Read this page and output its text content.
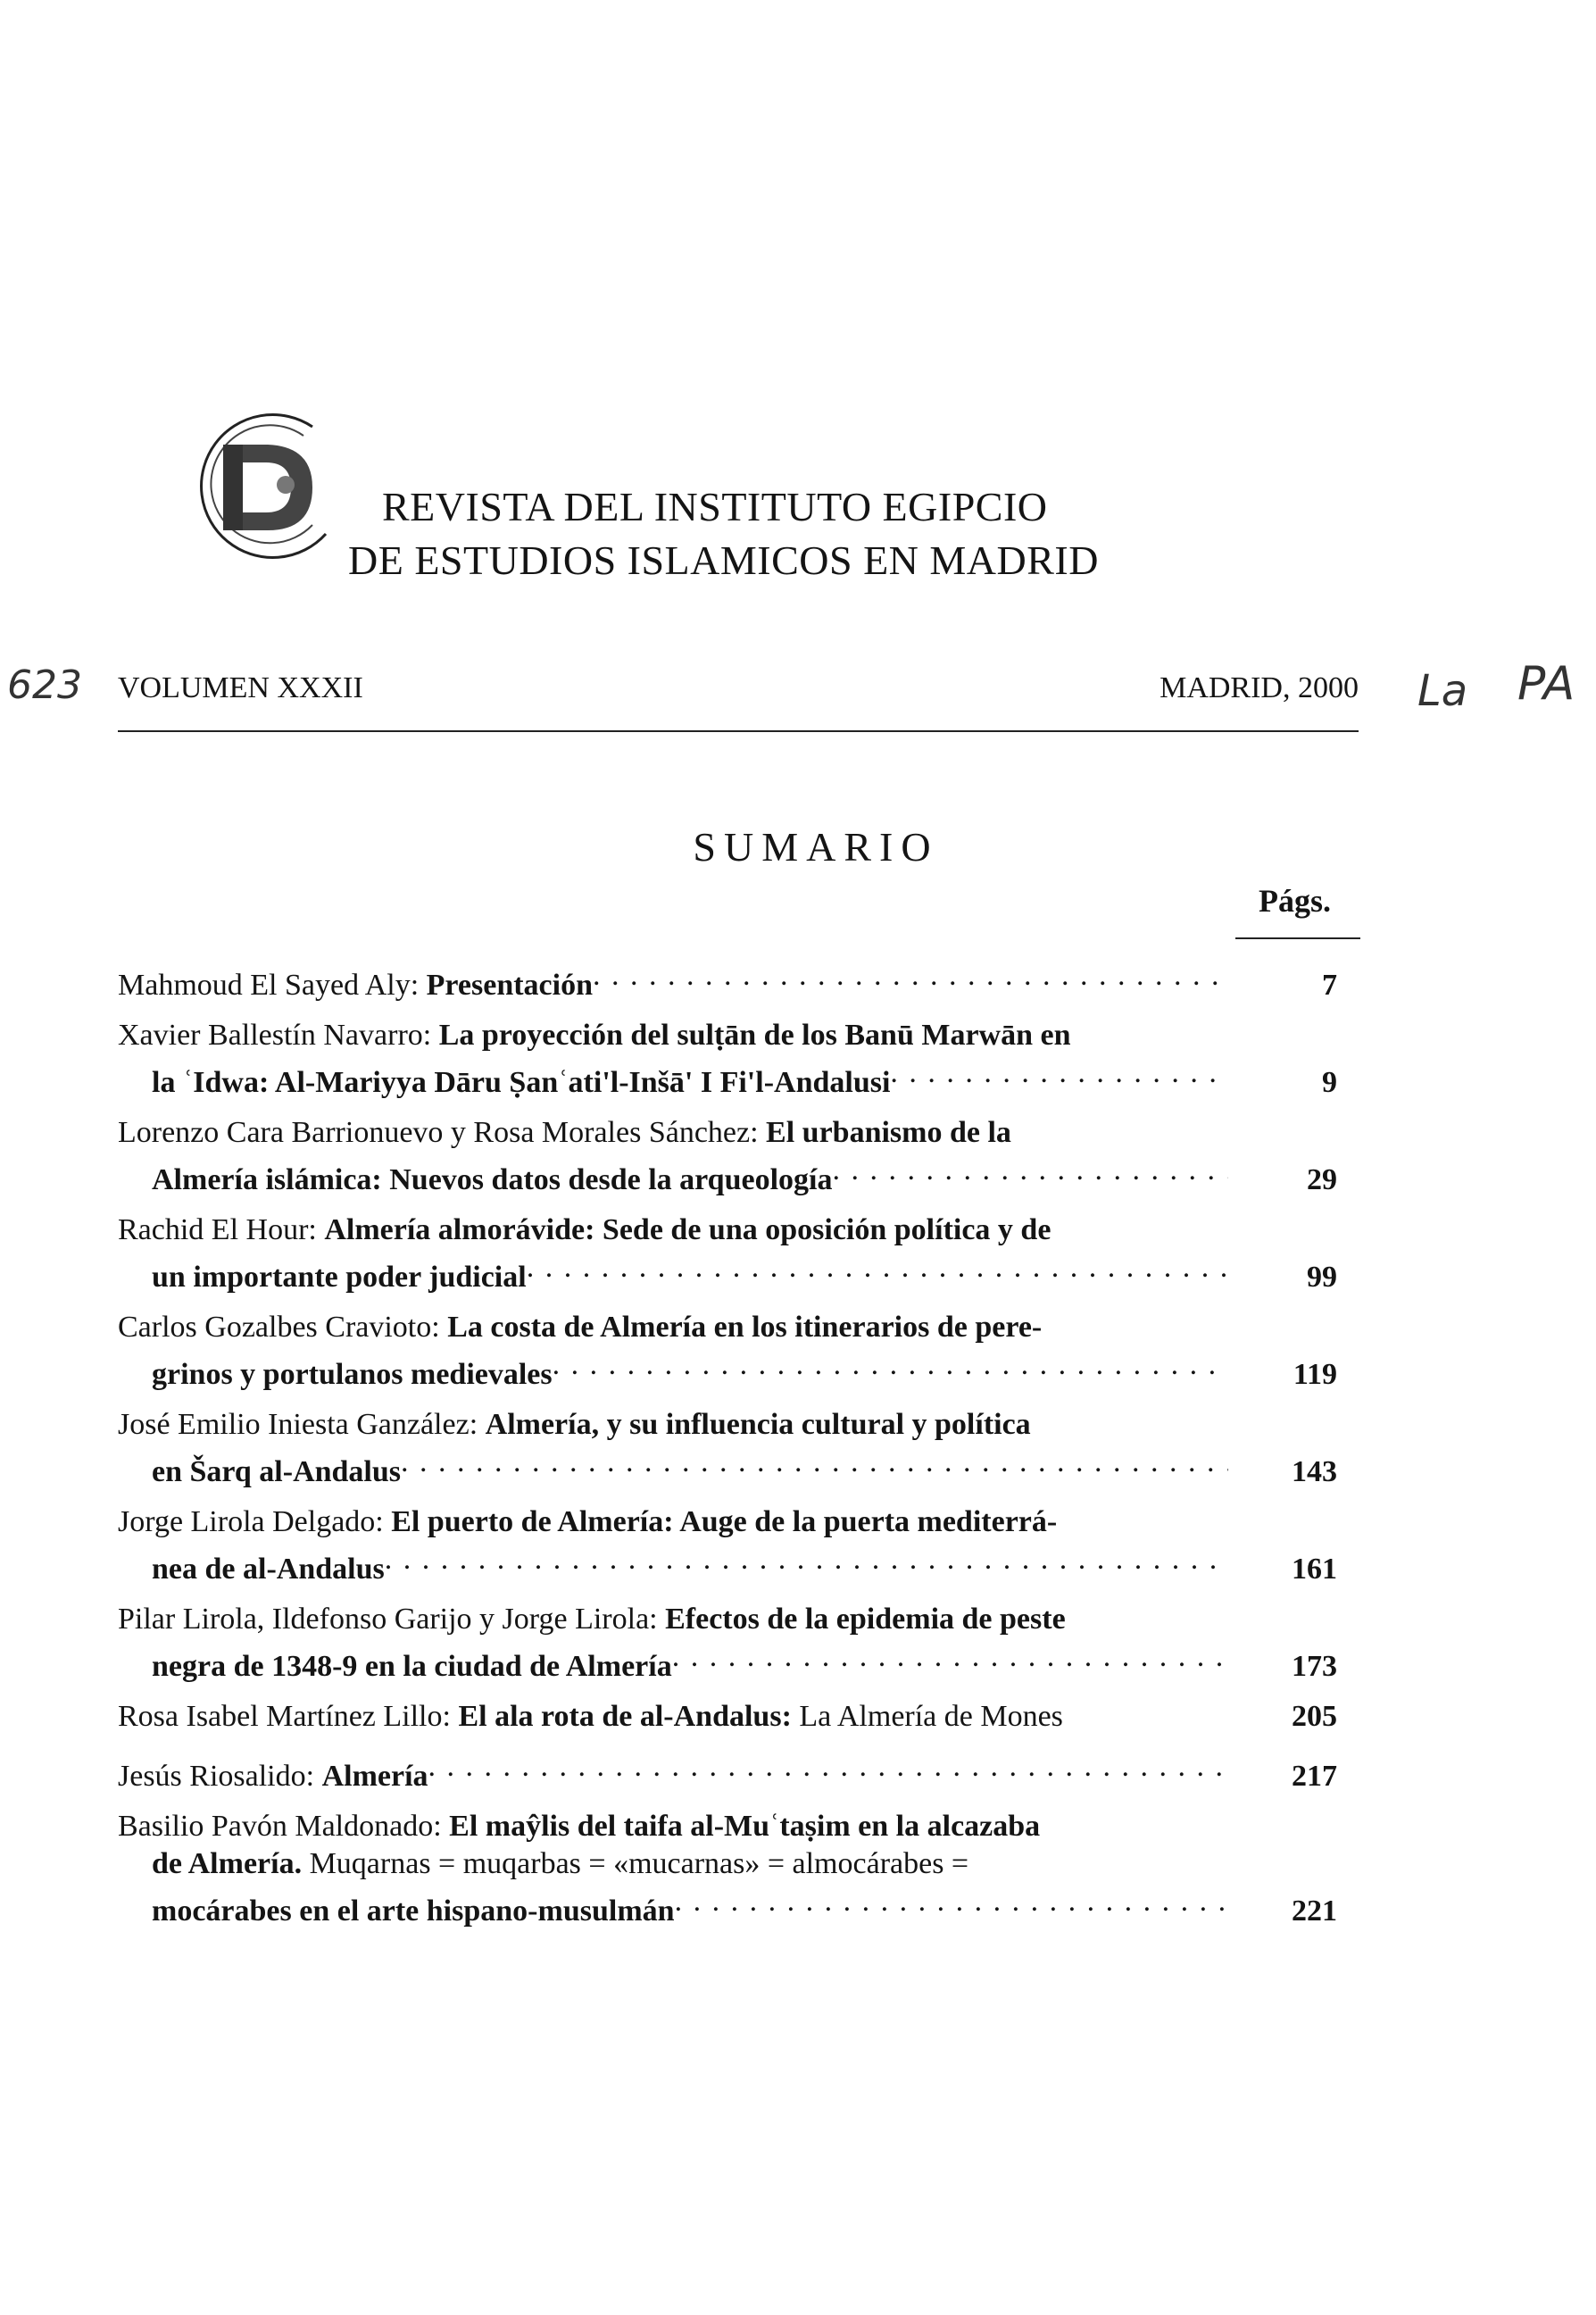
REVISTA DEL INSTITUTO EGIPCIO
DE ESTUDIOS ISLAMICOS EN MADRID
623	La PA
VOLUMEN XXXII	MADRID, 2000
SUMARIO
Págs.
Mahmoud El Sayed Aly: Presentación . . .	7
Xavier Ballestín Navarro: La proyección del sulṭān de los Banū Marwān en
la ʿIdwa: Al-Mariyya Dāru Ṣanʿati'l-Inšā' I Fi'l-Andalusi . . .	9
Lorenzo Cara Barrionuevo y Rosa Morales Sánchez: El urbanismo de la
Almería islámica: Nuevos datos desde la arqueología . . .	29
Rachid El Hour: Almería almorávide: Sede de una oposición política y de
un importante poder judicial . . .	99
Carlos Gozalbes Cravioto: La costa de Almería en los itinerarios de pere-
grinos y portulanos medievales . . .	119
José Emilio Iniesta Ganzález: Almería, y su influencia cultural y política
en Šarq al-Andalus . . .	143
Jorge Lirola Delgado: El puerto de Almería: Auge de la puerta mediterrá-
nea de al-Andalus . . .	161
Pilar Lirola, Ildefonso Garijo y Jorge Lirola: Efectos de la epidemia de peste
negra de 1348-9 en la ciudad de Almería . . .	173
Rosa Isabel Martínez Lillo: El ala rota de al-Andalus: La Almería de Mones	205
Jesús Riosalido: Almería . . .	217
Basilio Pavón Maldonado: El maŷlis del taifa al-Muʿtaṣim en la alcazaba
de Almería. Muqarnas = muqarbas = «mucarnas» = almocárabes =
mocárabes en el arte hispano-musulmán . . .	221
